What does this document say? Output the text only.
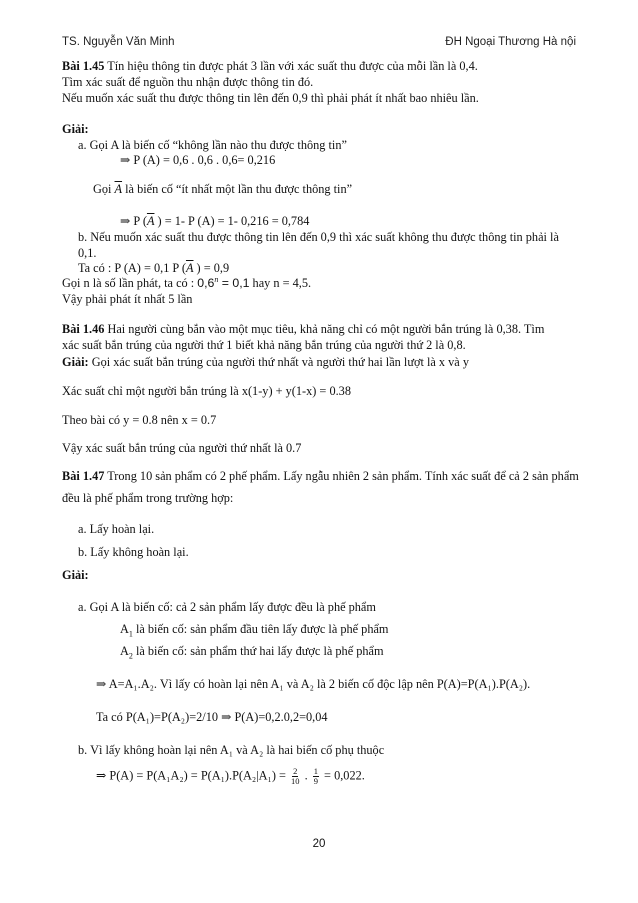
TS. Nguyễn Văn Minh	ĐH Ngoại Thương Hà nội
Bài 1.45 Tín hiệu thông tin được phát 3 lần với xác suất thu được của mỗi lần là 0,4.
Tìm xác suất để nguồn thu nhận được thông tin đó.
Nếu muốn xác suất thu được thông tin lên đến 0,9 thì phải phát ít nhất bao nhiêu lần.
Giải:
a. Gọi A là biến cố “không lần nào thu được thông tin”
⇒ P (A) = 0,6 . 0,6 . 0,6= 0,216
Gọi $\overline{A}$ là biến cố “ít nhất một lần thu được thông tin”
⇒ P ($\overline{A}$ ) = 1- P (A) = 1- 0,216 = 0,784
b. Nếu muốn xác suất thu được thông tin lên đến 0,9 thì xác suất không thu được thông tin phải là
0,1.
Ta có : P (A) = 0,1 P ($\overline{A}$ ) = 0,9
Gọi n là số lần phát, ta có : $0,6^n = 0,1$ hay n = 4,5.
Vậy phải phát ít nhất 5 lần
Bài 1.46 Hai người cùng bắn vào một mục tiêu, khả năng chỉ có một người bắn trúng là 0,38. Tìm
xác suất bắn trúng của người thứ 1 biết khả năng bắn trúng của người thứ 2 là 0,8.
Giải: Gọi xác suất bắn trúng của người thứ nhất và người thứ hai lần lượt là x và y
Xác suất chỉ một người bắn trúng là x(1-y) + y(1-x) = 0.38
Theo bài có y = 0.8 nên x = 0.7
Vậy xác suất bắn trúng của người thứ nhất là 0.7
Bài 1.47 Trong 10 sản phẩm có 2 phế phẩm. Lấy ngẫu nhiên 2 sản phẩm. Tính xác suất để cả 2 sản phẩm
đều là phế phẩm trong trường hợp:
a. Lấy hoàn lại.
b. Lấy không hoàn lại.
Giải:
a. Gọi A là biến cố: cả 2 sản phẩm lấy được đều là phế phẩm
$A_1$ là biến cố: sản phẩm đầu tiên lấy được là phế phẩm
$A_2$ là biến cố: sản phẩm thứ hai lấy được là phế phẩm
⇒ A=A₁.A₂. Vì lấy có hoàn lại nên A₁ và A₂ là 2 biến cố độc lập nên P(A)=P(A₁).P(A₂).
Ta có P(A₁)=P(A₂)=2/10 ⇒ P(A)=0,2.0,2=0,04
b. Vì lấy không hoàn lại nên A₁ và A₂ là hai biến cố phụ thuộc
⇒ $P(A) = P(A_1A_2) = P(A_1).P(A_2|A_1) = \frac{2}{10}$ . $\frac{1}{9} = 0,022$.
20
